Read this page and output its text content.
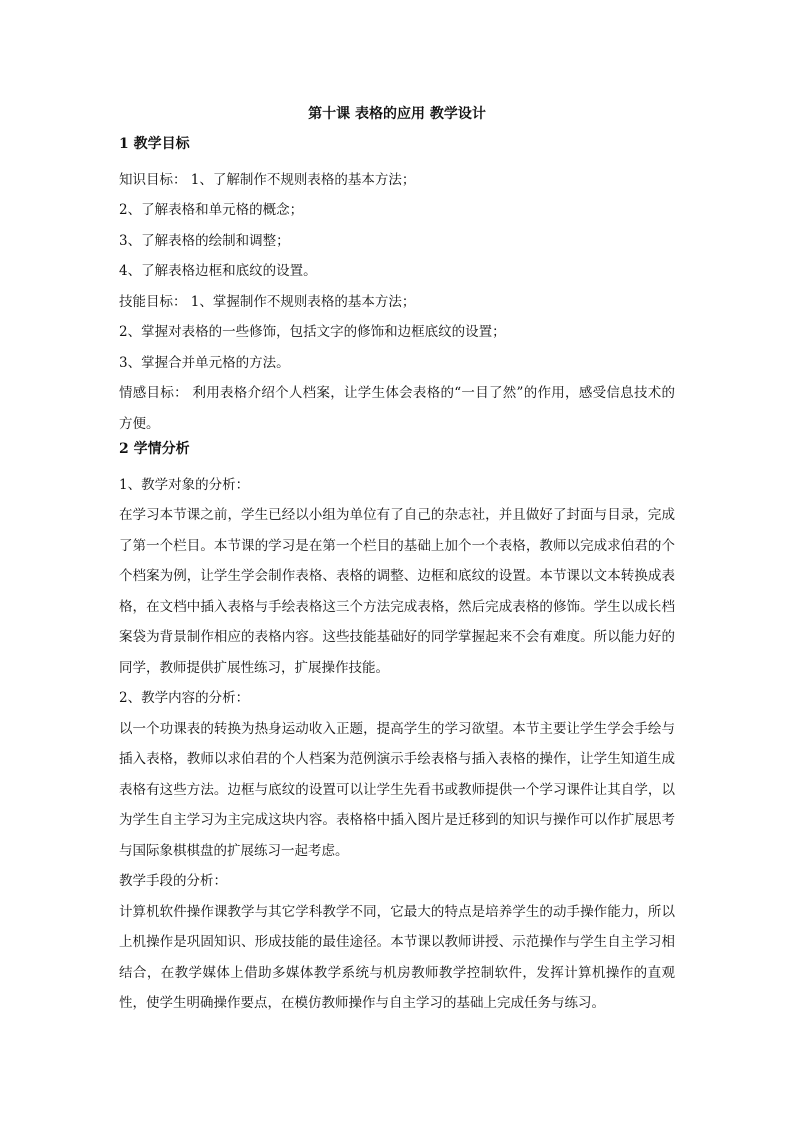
第十课 表格的应用 教学设计
1 教学目标
知识目标： 1、了解制作不规则表格的基本方法；
2、了解表格和单元格的概念；
3、了解表格的绘制和调整；
4、了解表格边框和底纹的设置。
技能目标： 1、掌握制作不规则表格的基本方法；
2、掌握对表格的一些修饰，包括文字的修饰和边框底纹的设置；
3、掌握合并单元格的方法。
情感目标： 利用表格介绍个人档案，让学生体会表格的“一目了然”的作用，感受信息技术的方便。
2 学情分析
1、教学对象的分析：
在学习本节课之前，学生已经以小组为单位有了自己的杂志社，并且做好了封面与目录，完成了第一个栏目。本节课的学习是在第一个栏目的基础上加个一个表格，教师以完成求伯君的个个档案为例，让学生学会制作表格、表格的调整、边框和底纹的设置。本节课以文本转换成表格，在文档中插入表格与手绘表格这三个方法完成表格，然后完成表格的修饰。学生以成长档案袋为背景制作相应的表格内容。这些技能基础好的同学掌握起来不会有难度。所以能力好的同学，教师提供扩展性练习，扩展操作技能。
2、教学内容的分析：
以一个功课表的转换为热身运动收入正题，提高学生的学习欲望。本节主要让学生学会手绘与插入表格，教师以求伯君的个人档案为范例演示手绘表格与插入表格的操作，让学生知道生成表格有这些方法。边框与底纹的设置可以让学生先看书或教师提供一个学习课件让其自学，以为学生自主学习为主完成这块内容。表格格中插入图片是迁移到的知识与操作可以作扩展思考与国际象棋棋盘的扩展练习一起考虑。
教学手段的分析：
计算机软件操作课教学与其它学科教学不同，它最大的特点是培养学生的动手操作能力，所以上机操作是巩固知识、形成技能的最佳途径。本节课以教师讲授、示范操作与学生自主学习相结合，在教学媒体上借助多媒体教学系统与机房教师教学控制软件，发挥计算机操作的直观性，使学生明确操作要点，在模仿教师操作与自主学习的基础上完成任务与练习。
